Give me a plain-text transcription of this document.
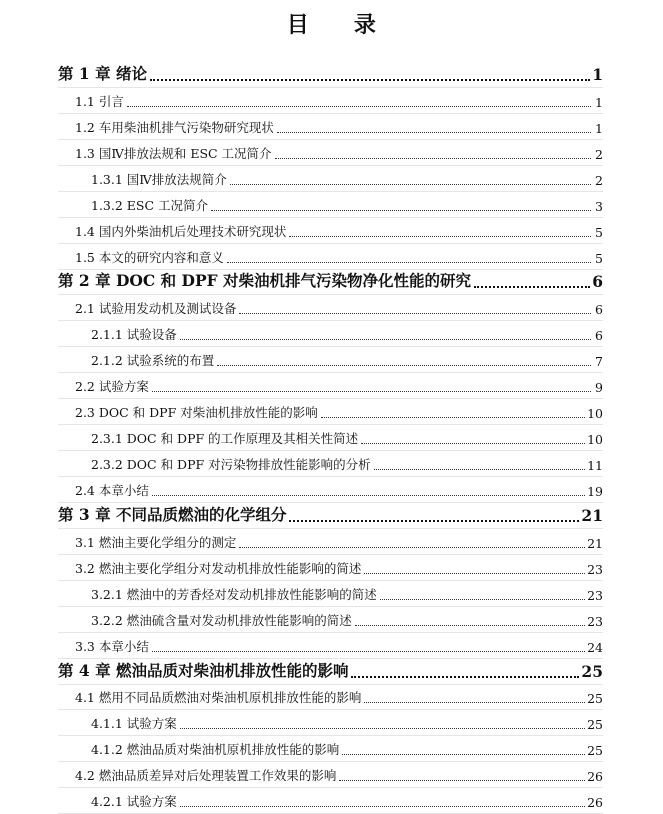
目　　录
第 1 章 绪论	1
1.1 引言	1
1.2 车用柴油机排气污染物研究现状	1
1.3 国Ⅳ排放法规和 ESC 工况简介	2
1.3.1 国Ⅳ排放法规简介	2
1.3.2 ESC 工况简介	3
1.4 国内外柴油机后处理技术研究现状	5
1.5 本文的研究内容和意义	5
第 2 章 DOC 和 DPF 对柴油机排气污染物净化性能的研究	6
2.1 试验用发动机及测试设备	6
2.1.1 试验设备	6
2.1.2 试验系统的布置	7
2.2 试验方案	9
2.3 DOC 和 DPF 对柴油机排放性能的影响	10
2.3.1 DOC 和 DPF 的工作原理及其相关性简述	10
2.3.2 DOC 和 DPF 对污染物排放性能影响的分析	11
2.4 本章小结	19
第 3 章 不同品质燃油的化学组分	21
3.1 燃油主要化学组分的测定	21
3.2 燃油主要化学组分对发动机排放性能影响的简述	23
3.2.1 燃油中的芳香烃对发动机排放性能影响的简述	23
3.2.2 燃油硫含量对发动机排放性能影响的简述	23
3.3 本章小结	24
第 4 章 燃油品质对柴油机排放性能的影响	25
4.1 燃用不同品质燃油对柴油机原机排放性能的影响	25
4.1.1 试验方案	25
4.1.2 燃油品质对柴油机原机排放性能的影响	25
4.2 燃油品质差异对后处理装置工作效果的影响	26
4.2.1 试验方案	26
